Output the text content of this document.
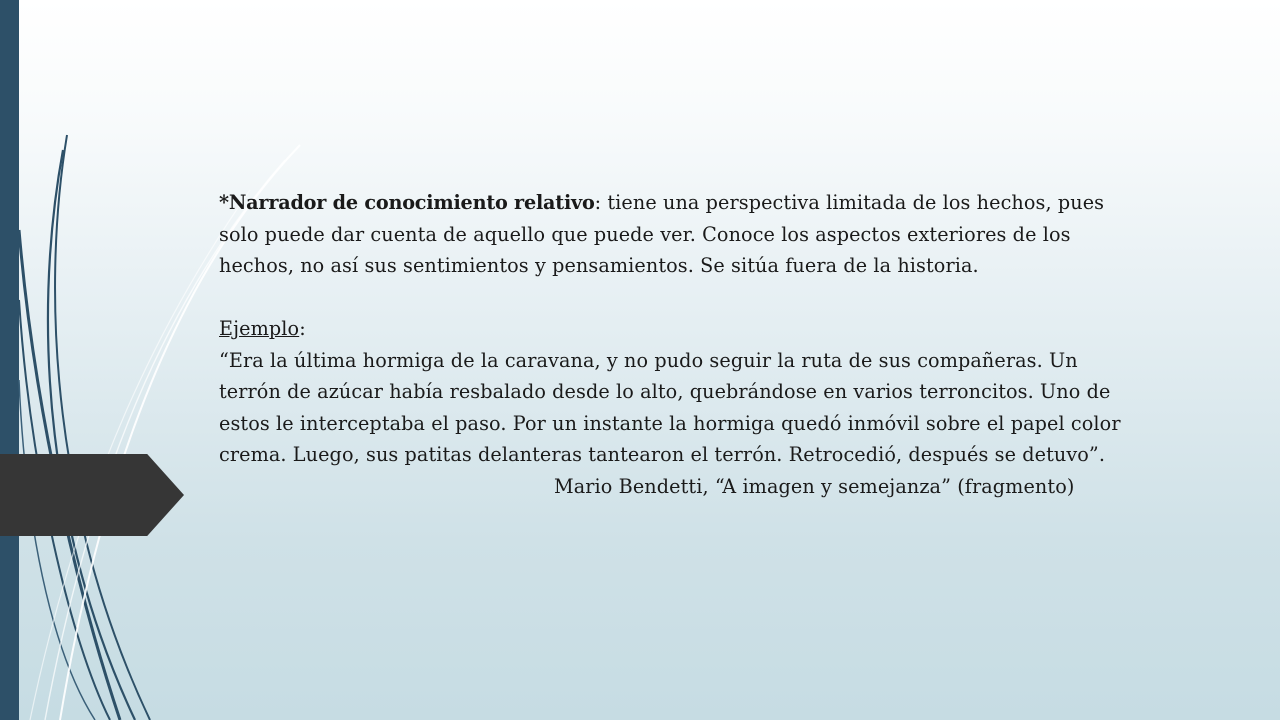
*Narrador de conocimiento relativo: tiene una perspectiva limitada de los hechos, pues

solo puede dar cuenta de aquello que puede ver. Conoce los aspectos exteriores de los

hechos, no así sus sentimientos y pensamientos. Se sitúa fuera de la historia.

Ejemplo:

“Era la última hormiga de la caravana, y no pudo seguir la ruta de sus compañeras. Un

terrón de azúcar había resbalado desde lo alto, quebrándose en varios terroncitos. Uno de

estos le interceptaba el paso. Por un instante la hormiga quedó inmóvil sobre el papel color

crema. Luego, sus patitas delanteras tantearon el terrón. Retrocedió, después se detuvo”.

Mario Bendetti, “A imagen y semejanza” (fragmento)
